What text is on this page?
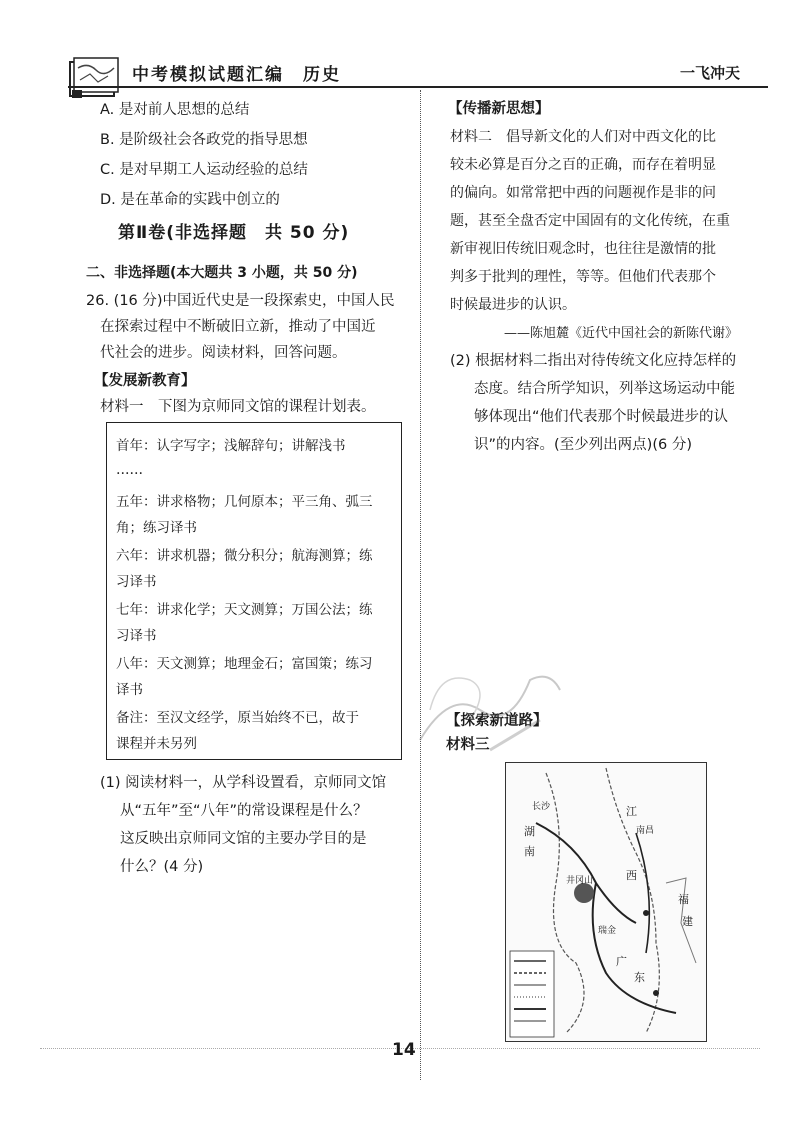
中考模拟试题汇编　历史	一飞冲天
A. 是对前人思想的总结
B. 是阶级社会各政党的指导思想
C. 是对早期工人运动经验的总结
D. 是在革命的实践中创立的
第Ⅱ卷(非选择题　共 50 分)
二、非选择题(本大题共 3 小题，共 50 分)
26. (16 分)中国近代史是一段探索史，中国人民
在探索过程中不断破旧立新，推动了中国近
代社会的进步。阅读材料，回答问题。
【发展新教育】
材料一　下图为京师同文馆的课程计划表。
首年：认字写字；浅解辞句；讲解浅书
……
五年：讲求格物；几何原本；平三角、弧三
角；练习译书
六年：讲求机器；微分积分；航海测算；练
习译书
七年：讲求化学；天文测算；万国公法；练
习译书
八年：天文测算；地理金石；富国策；练习
译书
备注：至汉文经学，原当始终不已，故于
课程并未另列
(1) 阅读材料一，从学科设置看，京师同文馆
从“五年”至“八年”的常设课程是什么？
这反映出京师同文馆的主要办学目的是
什么？(4 分)
【传播新思想】
材料二　倡导新文化的人们对中西文化的比
较未必算是百分之百的正确，而存在着明显
的偏向。如常常把中西的问题视作是非的问
题，甚至全盘否定中国固有的文化传统，在重
新审视旧传统旧观念时，也往往是激情的批
判多于批判的理性，等等。但他们代表那个
时候最进步的认识。
——陈旭麓《近代中国社会的新陈代谢》
(2) 根据材料二指出对待传统文化应持怎样的
态度。结合所学知识，列举这场运动中能
够体现出“他们代表那个时候最进步的认
识”的内容。(至少列出两点)(6 分)
【探索新道路】
材料三
湖
南
江
西
福
建
广
东
长沙
瑞金
井冈山
南昌
14
